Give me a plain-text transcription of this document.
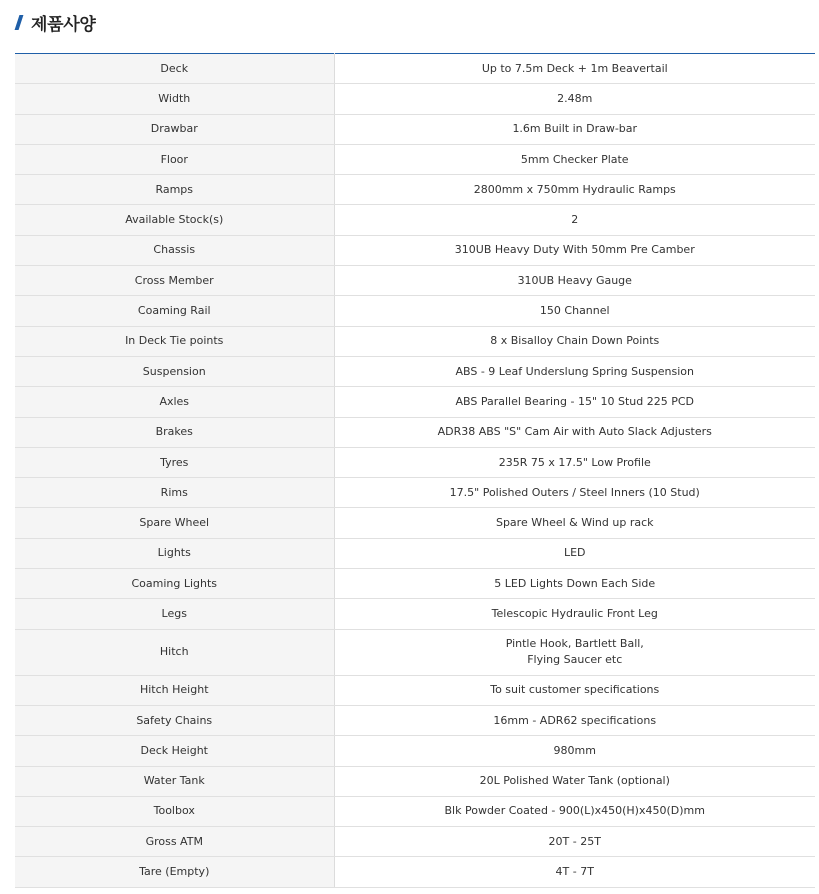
제품사양
Deck	Up to 7.5m Deck + 1m Beavertail
Width	2.48m
Drawbar	1.6m Built in Draw-bar
Floor	5mm Checker Plate
Ramps	2800mm x 750mm Hydraulic Ramps
Available Stock(s)	2
Chassis	310UB Heavy Duty With 50mm Pre Camber
Cross Member	310UB Heavy Gauge
Coaming Rail	150 Channel
In Deck Tie points	8 x Bisalloy Chain Down Points
Suspension	ABS - 9 Leaf Underslung Spring Suspension
Axles	ABS Parallel Bearing - 15" 10 Stud 225 PCD
Brakes	ADR38 ABS "S" Cam Air with Auto Slack Adjusters
Tyres	235R 75 x 17.5" Low Profile
Rims	17.5" Polished Outers / Steel Inners (10 Stud)
Spare Wheel	Spare Wheel & Wind up rack
Lights	LED
Coaming Lights	5 LED Lights Down Each Side
Legs	Telescopic Hydraulic Front Leg
Hitch	Pintle Hook, Bartlett Ball,
Flying Saucer etc

Hitch Height	To suit customer specifications
Safety Chains	16mm - ADR62 specifications
Deck Height	980mm
Water Tank	20L Polished Water Tank (optional)
Toolbox	Blk Powder Coated - 900(L)x450(H)x450(D)mm
Gross ATM	20T - 25T
Tare (Empty)	4T - 7T
